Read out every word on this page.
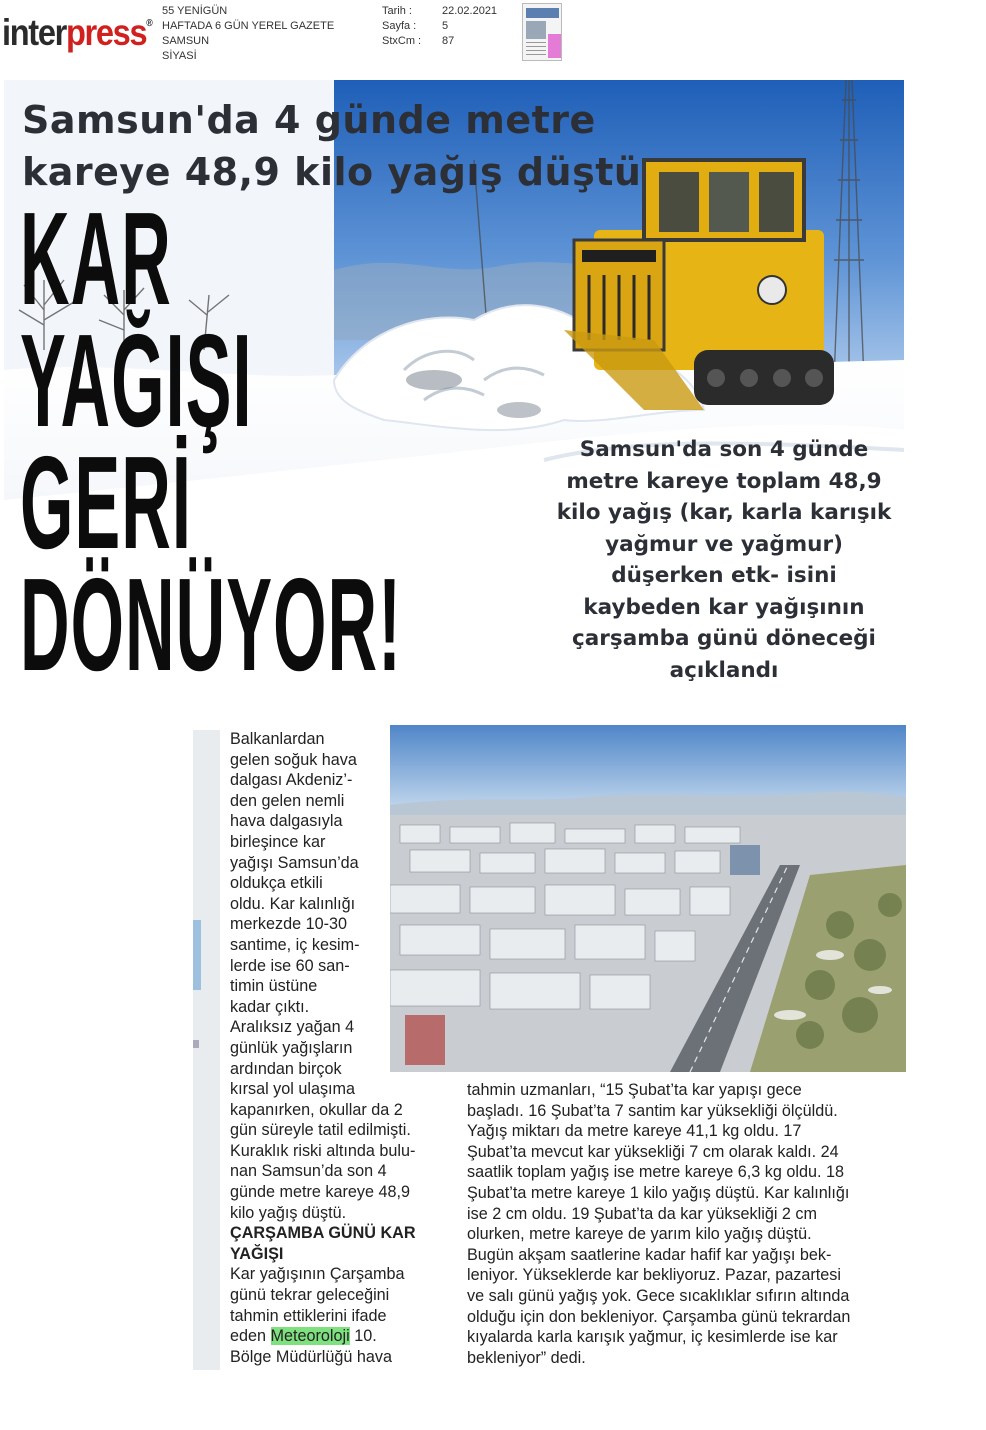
interpress®
55 YENİGÜN
HAFTADA 6 GÜN YEREL GAZETE
SAMSUN
SİYASİ
Tarih :	22.02.2021
Sayfa :	5
StxCm :	87
Samsun'da 4 günde metre
kareye 48,9 kilo yağış düştü
KAR
YAĞIŞI
GERİ
DÖNÜYOR!
Samsun'da son 4 günde metre kareye toplam 48,9 kilo yağış (kar, karla karışık yağmur ve yağmur) düşerken etk- isini kaybeden kar yağışının çarşamba günü döneceği açıklandı
Balkanlardan
gelen soğuk hava
dalgası Akdeniz’-
den gelen nemli
hava dalgasıyla
birleşince kar
yağışı Samsun’da
oldukça etkili
oldu. Kar kalınlığı
merkezde 10-30
santime, iç kesim-
lerde ise 60 san-
timin üstüne
kadar çıktı.
Aralıksız yağan 4
günlük yağışların
ardından birçok
kırsal yol ulaşıma
kapanırken, okullar da 2
gün süreyle tatil edilmişti.
Kuraklık riski altında bulu-
nan Samsun’da son 4
günde metre kareye 48,9
kilo yağış düştü.
ÇARŞAMBA GÜNÜ KAR
YAĞIŞI
Kar yağışının Çarşamba
günü tekrar geleceğini
tahmin ettiklerini ifade
eden Meteoroloji 10.
Bölge Müdürlüğü hava
tahmin uzmanları, “15 Şubat’ta kar yapışı gece
başladı. 16 Şubat’ta 7 santim kar yüksekliği ölçüldü.
Yağış miktarı da metre kareye 41,1 kg oldu. 17
Şubat’ta mevcut kar yüksekliği 7 cm olarak kaldı. 24
saatlik toplam yağış ise metre kareye 6,3 kg oldu. 18
Şubat’ta metre kareye 1 kilo yağış düştü. Kar kalınlığı
ise 2 cm oldu. 19 Şubat’ta da kar yüksekliği 2 cm
olurken, metre kareye de yarım kilo yağış düştü.
Bugün akşam saatlerine kadar hafif kar yağışı bek-
leniyor. Yükseklerde kar bekliyoruz. Pazar, pazartesi
ve salı günü yağış yok. Gece sıcaklıklar sıfırın altında
olduğu için don bekleniyor. Çarşamba günü tekrardan
kıyalarda karla karışık yağmur, iç kesimlerde ise kar
bekleniyor” dedi.
